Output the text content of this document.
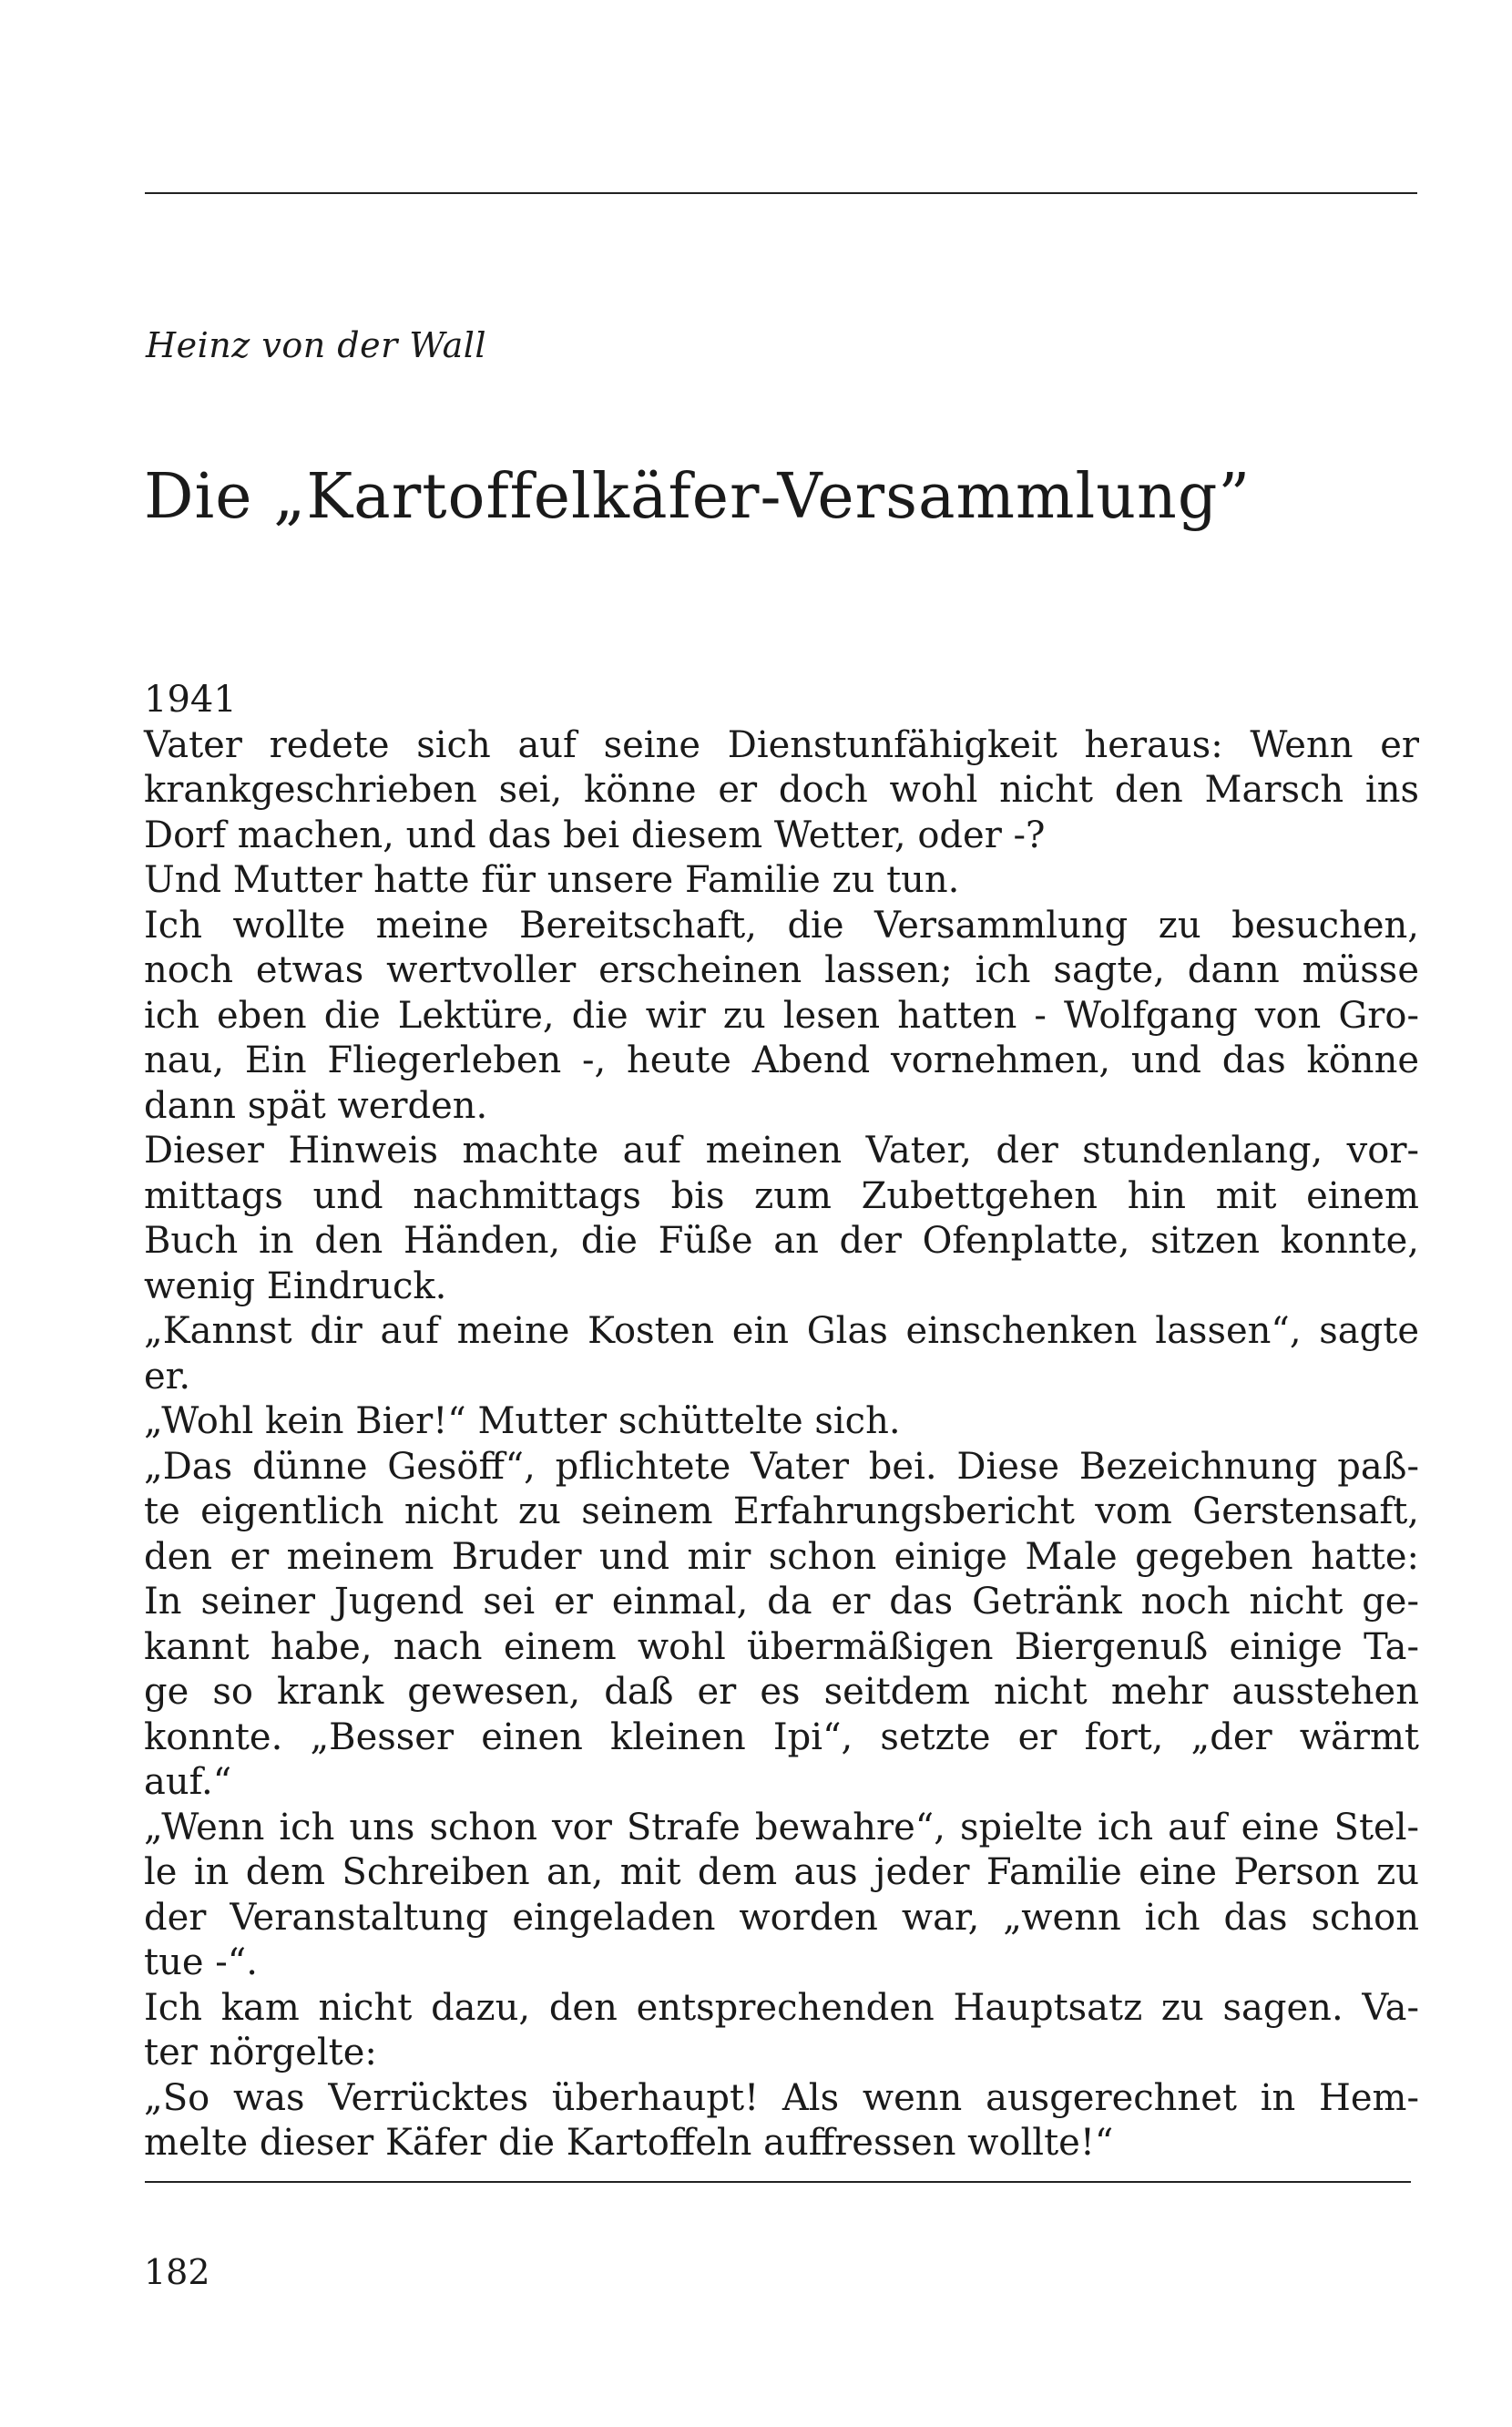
Heinz von der Wall
Die „Kartoffelkäfer-Versammlung”
1941
Vater redete sich auf seine Dienstunfähigkeit heraus: Wenn er
krankgeschrieben sei, könne er doch wohl nicht den Marsch ins
Dorf machen, und das bei diesem Wetter, oder -?
Und Mutter hatte für unsere Familie zu tun.
Ich wollte meine Bereitschaft, die Versammlung zu besuchen,
noch etwas wertvoller erscheinen lassen; ich sagte, dann müsse
ich eben die Lektüre, die wir zu lesen hatten - Wolfgang von Gro-
nau, Ein Fliegerleben -, heute Abend vornehmen, und das könne
dann spät werden.
Dieser Hinweis machte auf meinen Vater, der stundenlang, vor-
mittags und nachmittags bis zum Zubettgehen hin mit einem
Buch in den Händen, die Füße an der Ofenplatte, sitzen konnte,
wenig Eindruck.
„Kannst dir auf meine Kosten ein Glas einschenken lassen“, sagte
er.
„Wohl kein Bier!“ Mutter schüttelte sich.
„Das dünne Gesöff“, pflichtete Vater bei. Diese Bezeichnung paß-
te eigentlich nicht zu seinem Erfahrungsbericht vom Gerstensaft,
den er meinem Bruder und mir schon einige Male gegeben hatte:
In seiner Jugend sei er einmal, da er das Getränk noch nicht ge-
kannt habe, nach einem wohl übermäßigen Biergenuß einige Ta-
ge so krank gewesen, daß er es seitdem nicht mehr ausstehen
konnte. „Besser einen kleinen Ipi“, setzte er fort, „der wärmt
auf.“
„Wenn ich uns schon vor Strafe bewahre“, spielte ich auf eine Stel-
le in dem Schreiben an, mit dem aus jeder Familie eine Person zu
der Veranstaltung eingeladen worden war, „wenn ich das schon
tue -“.
Ich kam nicht dazu, den entsprechenden Hauptsatz zu sagen. Va-
ter nörgelte:
„So was Verrücktes überhaupt! Als wenn ausgerechnet in Hem-
melte dieser Käfer die Kartoffeln auffressen wollte!“
182
